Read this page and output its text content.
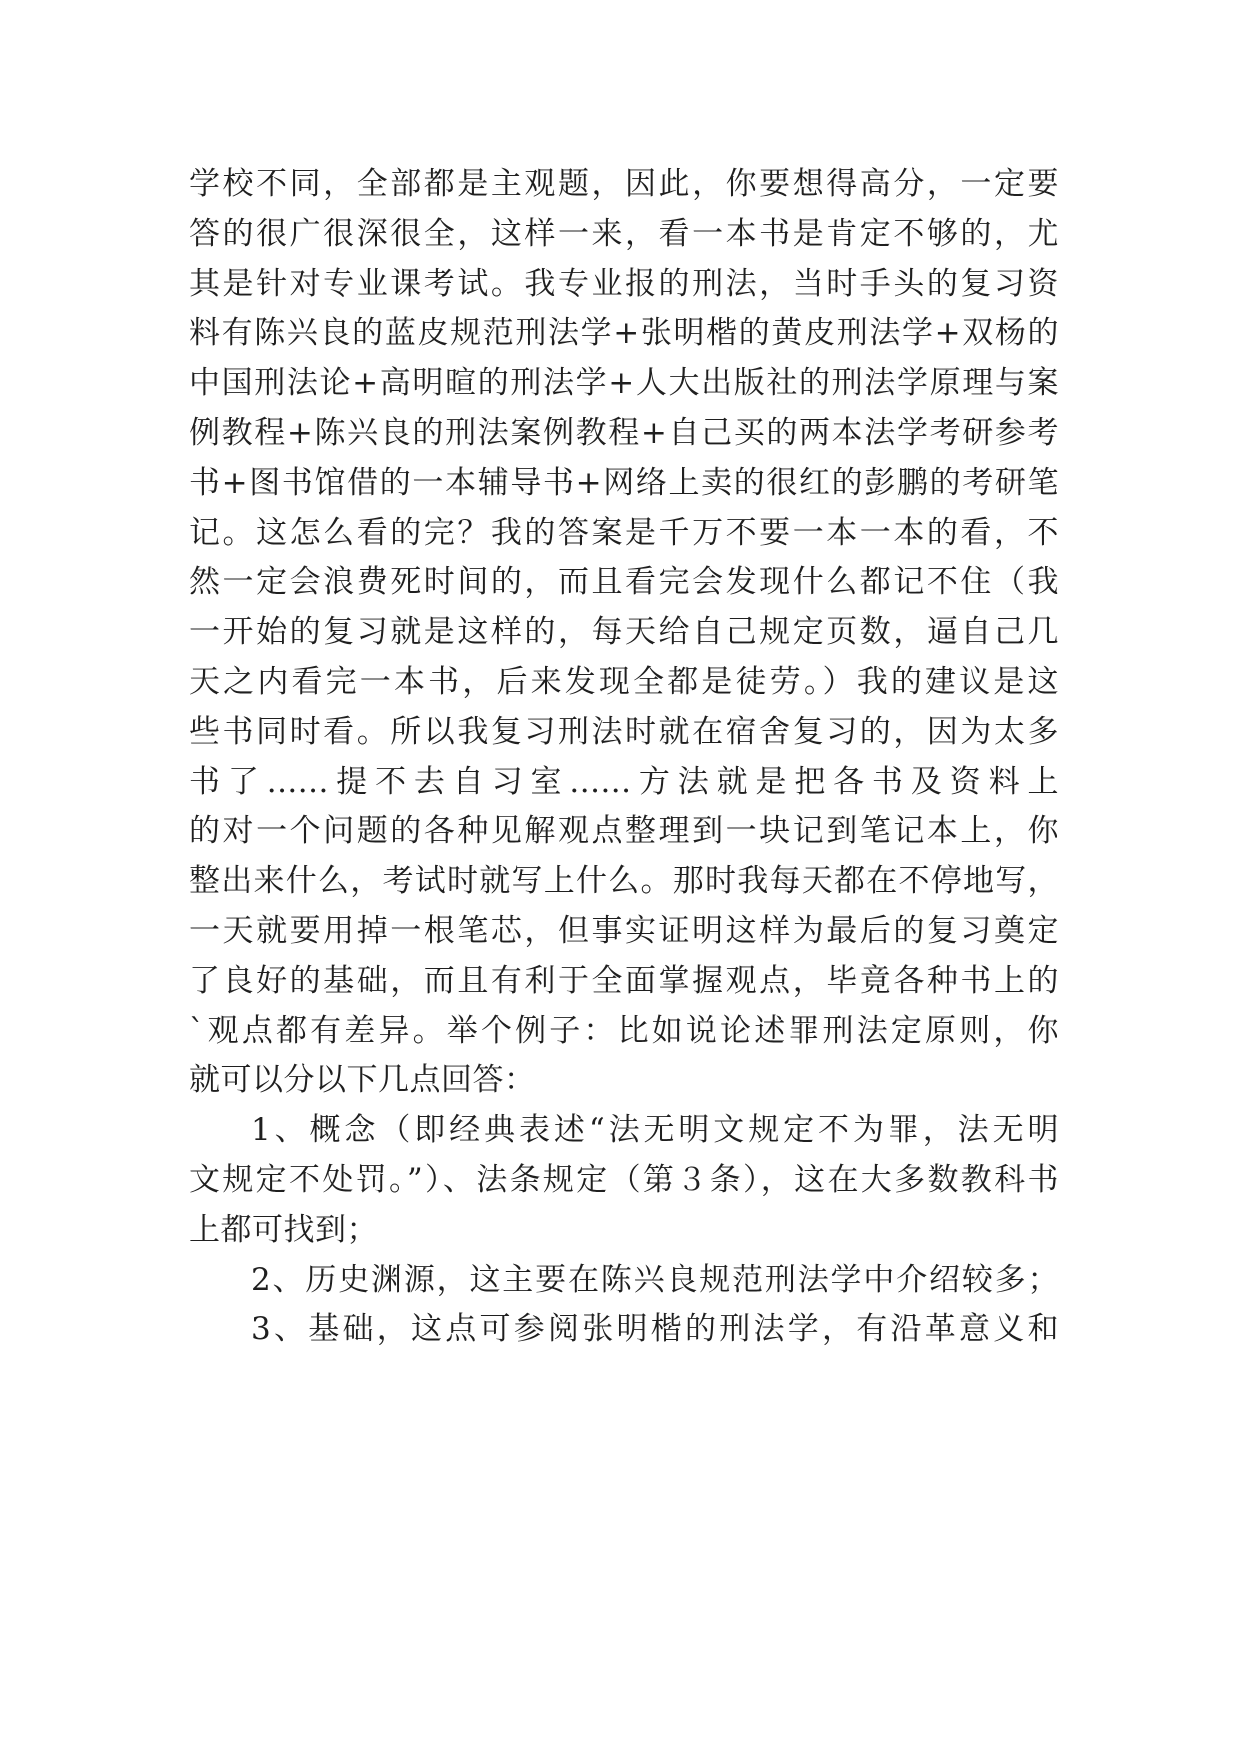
学校不同，全部都是主观题，因此，你要想得高分，一定要
答的很广很深很全，这样一来，看一本书是肯定不够的，尤
其是针对专业课考试。我专业报的刑法，当时手头的复习资
料有陈兴良的蓝皮规范刑法学+张明楷的黄皮刑法学+双杨的
中国刑法论+高明暄的刑法学+人大出版社的刑法学原理与案
例教程+陈兴良的刑法案例教程+自己买的两本法学考研参考
书+图书馆借的一本辅导书+网络上卖的很红的彭鹏的考研笔
记。这怎么看的完？我的答案是千万不要一本一本的看，不
然一定会浪费死时间的，而且看完会发现什么都记不住（我
一开始的复习就是这样的，每天给自己规定页数，逼自己几
天之内看完一本书，后来发现全都是徒劳。）我的建议是这
些书同时看。所以我复习刑法时就在宿舍复习的，因为太多
书了......提不去自习室......方法就是把各书及资料上
的对一个问题的各种见解观点整理到一块记到笔记本上，你
整出来什么，考试时就写上什么。那时我每天都在不停地写，
一天就要用掉一根笔芯，但事实证明这样为最后的复习奠定
了良好的基础，而且有利于全面掌握观点，毕竟各种书上的
`观点都有差异。举个例子：比如说论述罪刑法定原则，你
就可以分以下几点回答：
1、概念（即经典表述“法无明文规定不为罪，法无明
文规定不处罚。”）、法条规定（第３条），这在大多数教科书
上都可找到；
2、历史渊源，这主要在陈兴良规范刑法学中介绍较多；
3、基础，这点可参阅张明楷的刑法学，有沿革意义和
